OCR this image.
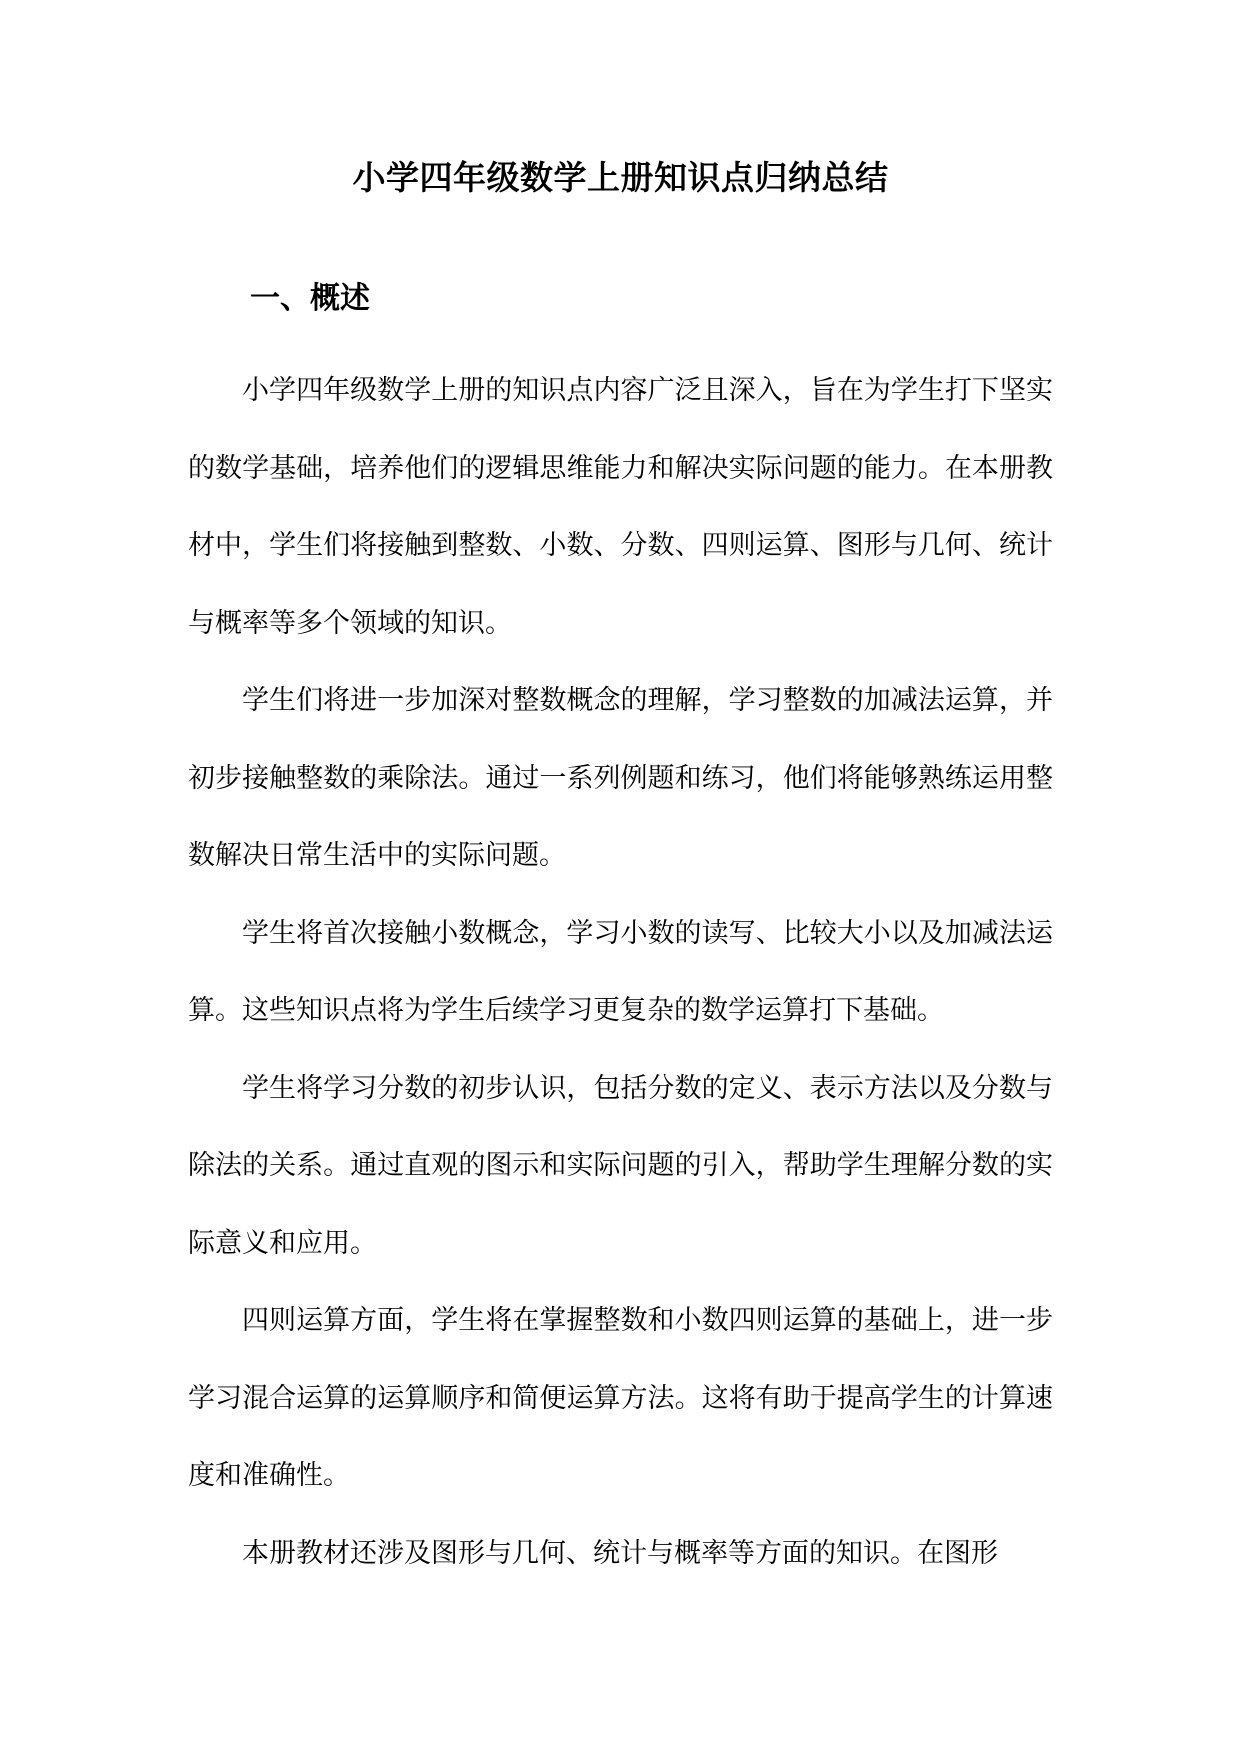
小学四年级数学上册知识点归纳总结
一、概述

小学四年级数学上册的知识点内容广泛且深入，旨在为学生打下坚实的数学基础，培养他们的逻辑思维能力和解决实际问题的能力。在本册教材中，学生们将接触到整数、小数、分数、四则运算、图形与几何、统计与概率等多个领域的知识。

学生们将进一步加深对整数概念的理解，学习整数的加减法运算，并初步接触整数的乘除法。通过一系列例题和练习，他们将能够熟练运用整数解决日常生活中的实际问题。

学生将首次接触小数概念，学习小数的读写、比较大小以及加减法运算。这些知识点将为学生后续学习更复杂的数学运算打下基础。

学生将学习分数的初步认识，包括分数的定义、表示方法以及分数与除法的关系。通过直观的图示和实际问题的引入，帮助学生理解分数的实际意义和应用。

四则运算方面，学生将在掌握整数和小数四则运算的基础上，进一步学习混合运算的运算顺序和简便运算方法。这将有助于提高学生的计算速度和准确性。

本册教材还涉及图形与几何、统计与概率等方面的知识。在图形
